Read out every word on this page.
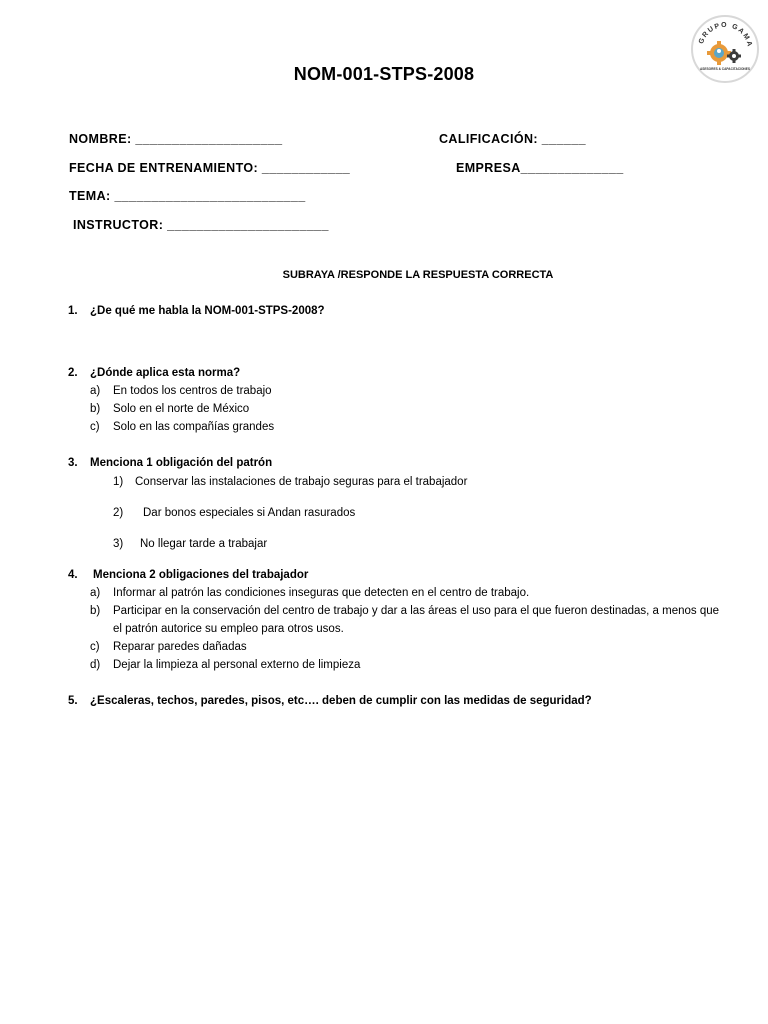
GRUPO GAMA
ASESORES & CAPACITACIONES
NOM-001-STPS-2008
NOMBRE: ____________________	CALIFICACIÓN: ______
FECHA DE ENTRENAMIENTO: ____________	EMPRESA______________
TEMA: __________________________
INSTRUCTOR: ______________________
SUBRAYA /RESPONDE LA RESPUESTA CORRECTA
1. ¿De qué me habla la NOM-001-STPS-2008?
2. ¿Dónde aplica esta norma?
a) En todos los centros de trabajo
b) Solo en el norte de México
c) Solo en las compañías grandes
3. Menciona 1 obligación del patrón
1) Conservar las instalaciones de trabajo seguras para el trabajador
2) Dar bonos especiales si Andan rasurados
3) No llegar tarde a trabajar
4. Menciona 2 obligaciones del trabajador
a) Informar al patrón las condiciones inseguras que detecten en el centro de trabajo.
b) Participar en la conservación del centro de trabajo y dar a las áreas el uso para el que fueron destinadas, a menos que
el patrón autorice su empleo para otros usos.
c) Reparar paredes dañadas
d) Dejar la limpieza al personal externo de limpieza
5. ¿Escaleras, techos, paredes, pisos, etc…. deben de cumplir con las medidas de seguridad?
